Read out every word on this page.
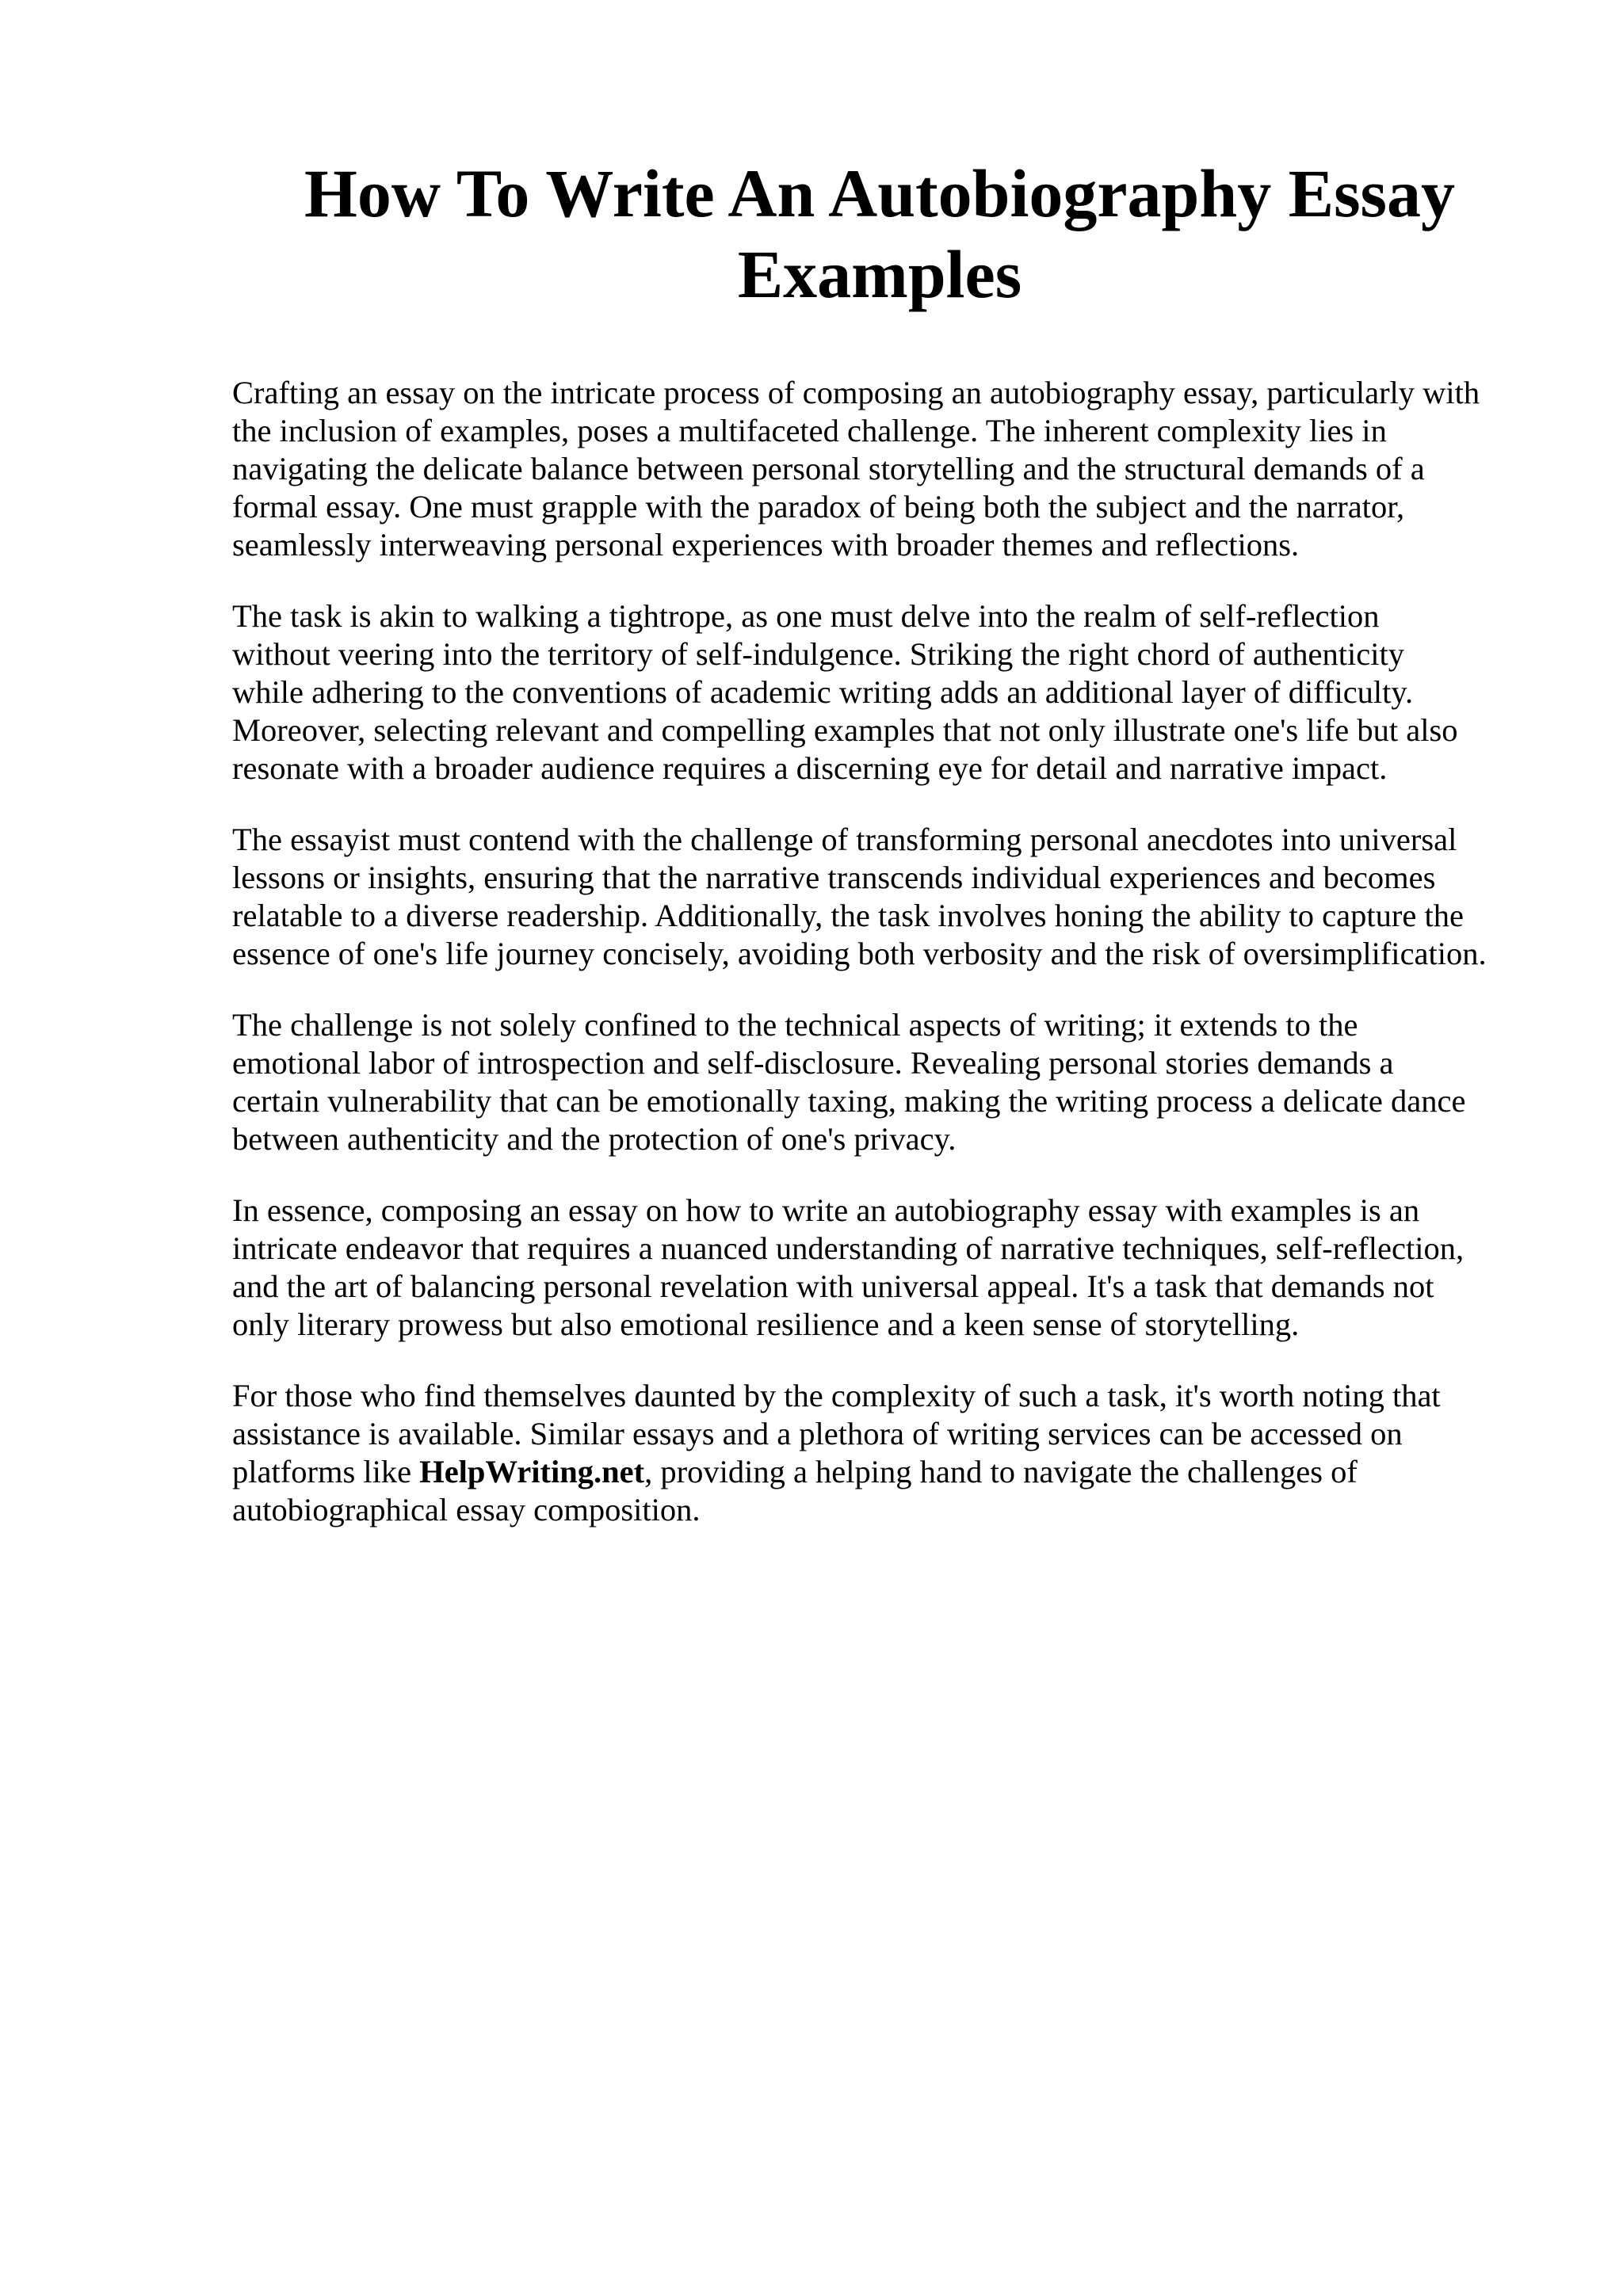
How To Write An Autobiography Essay
Examples

Crafting an essay on the intricate process of composing an autobiography essay, particularly with
the inclusion of examples, poses a multifaceted challenge. The inherent complexity lies in
navigating the delicate balance between personal storytelling and the structural demands of a
formal essay. One must grapple with the paradox of being both the subject and the narrator,
seamlessly interweaving personal experiences with broader themes and reflections.

The task is akin to walking a tightrope, as one must delve into the realm of self-reflection
without veering into the territory of self-indulgence. Striking the right chord of authenticity
while adhering to the conventions of academic writing adds an additional layer of difficulty.
Moreover, selecting relevant and compelling examples that not only illustrate one's life but also
resonate with a broader audience requires a discerning eye for detail and narrative impact.

The essayist must contend with the challenge of transforming personal anecdotes into universal
lessons or insights, ensuring that the narrative transcends individual experiences and becomes
relatable to a diverse readership. Additionally, the task involves honing the ability to capture the
essence of one's life journey concisely, avoiding both verbosity and the risk of oversimplification.

The challenge is not solely confined to the technical aspects of writing; it extends to the
emotional labor of introspection and self-disclosure. Revealing personal stories demands a
certain vulnerability that can be emotionally taxing, making the writing process a delicate dance
between authenticity and the protection of one's privacy.

In essence, composing an essay on how to write an autobiography essay with examples is an
intricate endeavor that requires a nuanced understanding of narrative techniques, self-reflection,
and the art of balancing personal revelation with universal appeal. It's a task that demands not
only literary prowess but also emotional resilience and a keen sense of storytelling.

For those who find themselves daunted by the complexity of such a task, it's worth noting that
assistance is available. Similar essays and a plethora of writing services can be accessed on
platforms like HelpWriting.net, providing a helping hand to navigate the challenges of
autobiographical essay composition.
